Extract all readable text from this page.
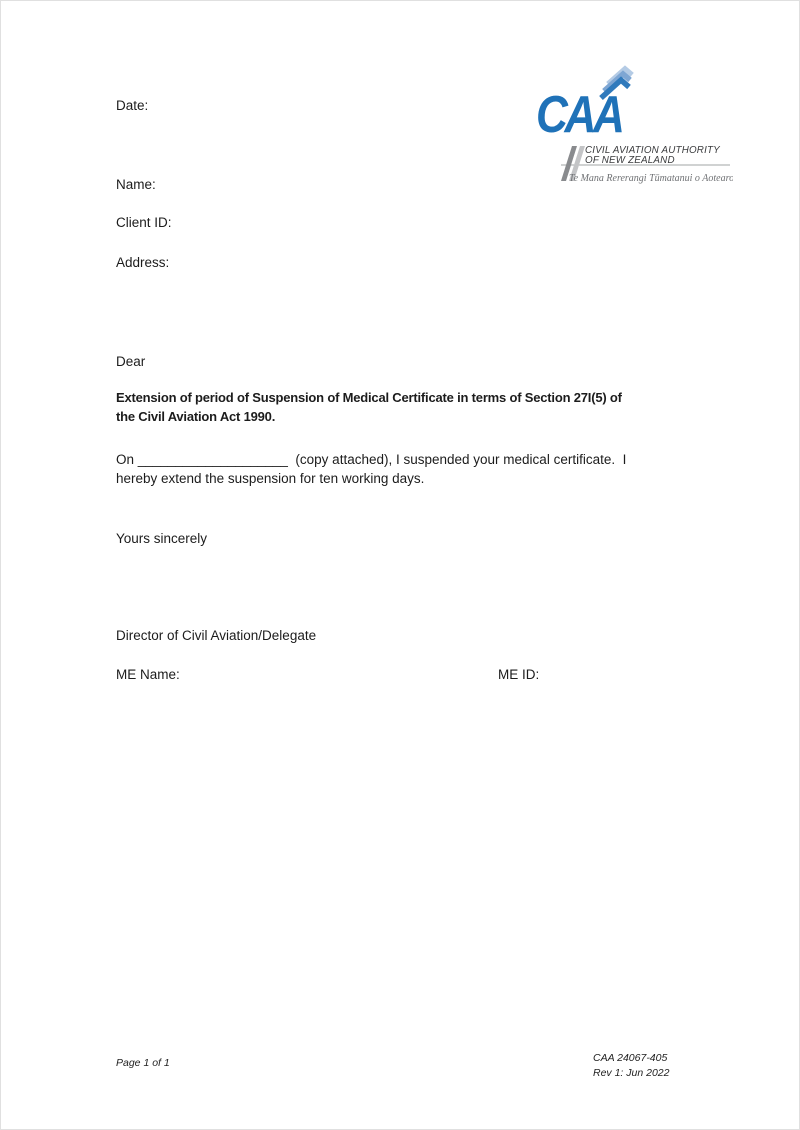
Date:	CAA
CIVIL AVIATION AUTHORITY
OF NEW ZEALAND
Te Mana Rererangi Tūmatanui o Aotearoa
Name:
Client ID:
Address:
Dear
Extension of period of Suspension of Medical Certificate in terms of Section 27I(5) of
the Civil Aviation Act 1990.
On ____________________  (copy attached), I suspended your medical certificate.  I
hereby extend the suspension for ten working days.
Yours sincerely
Director of Civil Aviation/Delegate
ME Name:	ME ID:
Page 1 of 1	CAA 24067-405
Rev 1: Jun 2022
